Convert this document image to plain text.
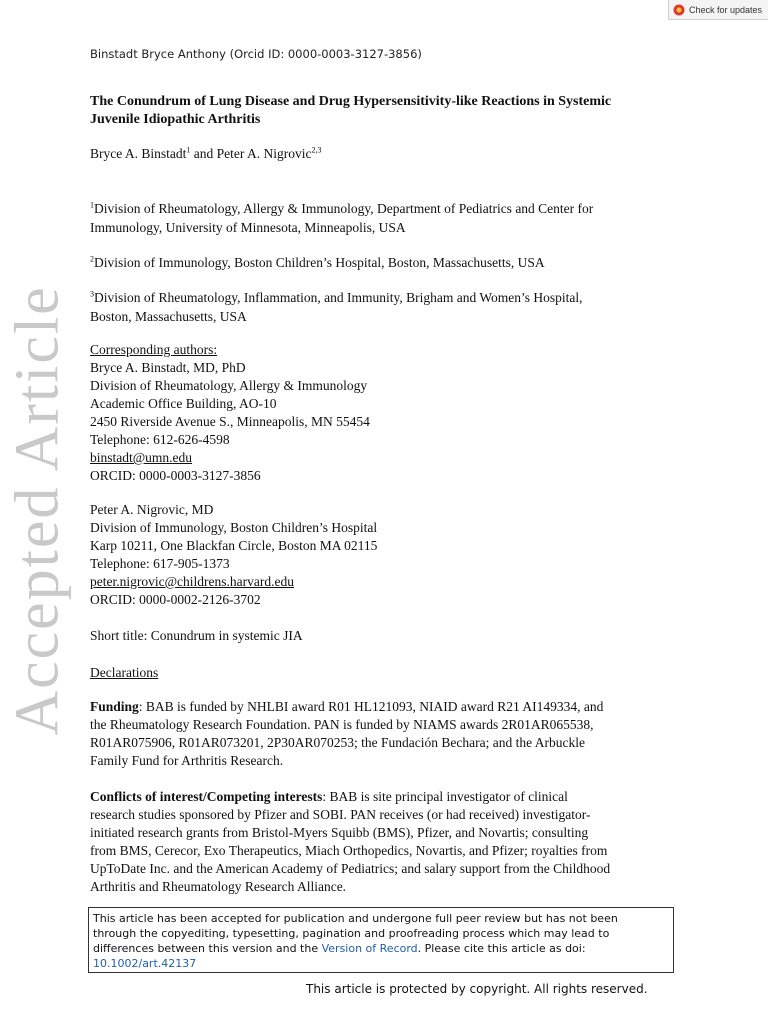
Check for updates
Accepted Article
Binstadt Bryce Anthony (Orcid ID: 0000-0003-3127-3856)
The Conundrum of Lung Disease and Drug Hypersensitivity-like Reactions in Systemic
Juvenile Idiopathic Arthritis
Bryce A. Binstadt$^1$ and Peter A. Nigrovic$^{2,3}$
$^1$Division of Rheumatology, Allergy & Immunology, Department of Pediatrics and Center for
Immunology, University of Minnesota, Minneapolis, USA
$^2$Division of Immunology, Boston Children’s Hospital, Boston, Massachusetts, USA
$^3$Division of Rheumatology, Inflammation, and Immunity, Brigham and Women’s Hospital,
Boston, Massachusetts, USA
Corresponding authors:
Bryce A. Binstadt, MD, PhD
Division of Rheumatology, Allergy & Immunology
Academic Office Building, AO-10
2450 Riverside Avenue S., Minneapolis, MN 55454
Telephone: 612-626-4598
binstadt@umn.edu
ORCID: 0000-0003-3127-3856
Peter A. Nigrovic, MD
Division of Immunology, Boston Children’s Hospital
Karp 10211, One Blackfan Circle, Boston MA 02115
Telephone: 617-905-1373
peter.nigrovic@childrens.harvard.edu
ORCID: 0000-0002-2126-3702
Short title: Conundrum in systemic JIA
Declarations
Funding: BAB is funded by NHLBI award R01 HL121093, NIAID award R21 AI149334, and
the Rheumatology Research Foundation. PAN is funded by NIAMS awards 2R01AR065538,
R01AR075906, R01AR073201, 2P30AR070253; the Fundación Bechara; and the Arbuckle
Family Fund for Arthritis Research.
Conflicts of interest/Competing interests: BAB is site principal investigator of clinical
research studies sponsored by Pfizer and SOBI. PAN receives (or had received) investigator-
initiated research grants from Bristol-Myers Squibb (BMS), Pfizer, and Novartis; consulting
from BMS, Cerecor, Exo Therapeutics, Miach Orthopedics, Novartis, and Pfizer; royalties from
UpToDate Inc. and the American Academy of Pediatrics; and salary support from the Childhood
Arthritis and Rheumatology Research Alliance.
This article has been accepted for publication and undergone full peer review but has not been
through the copyediting, typesetting, pagination and proofreading process which may lead to
differences between this version and the Version of Record. Please cite this article as doi:
10.1002/art.42137
This article is protected by copyright. All rights reserved.
